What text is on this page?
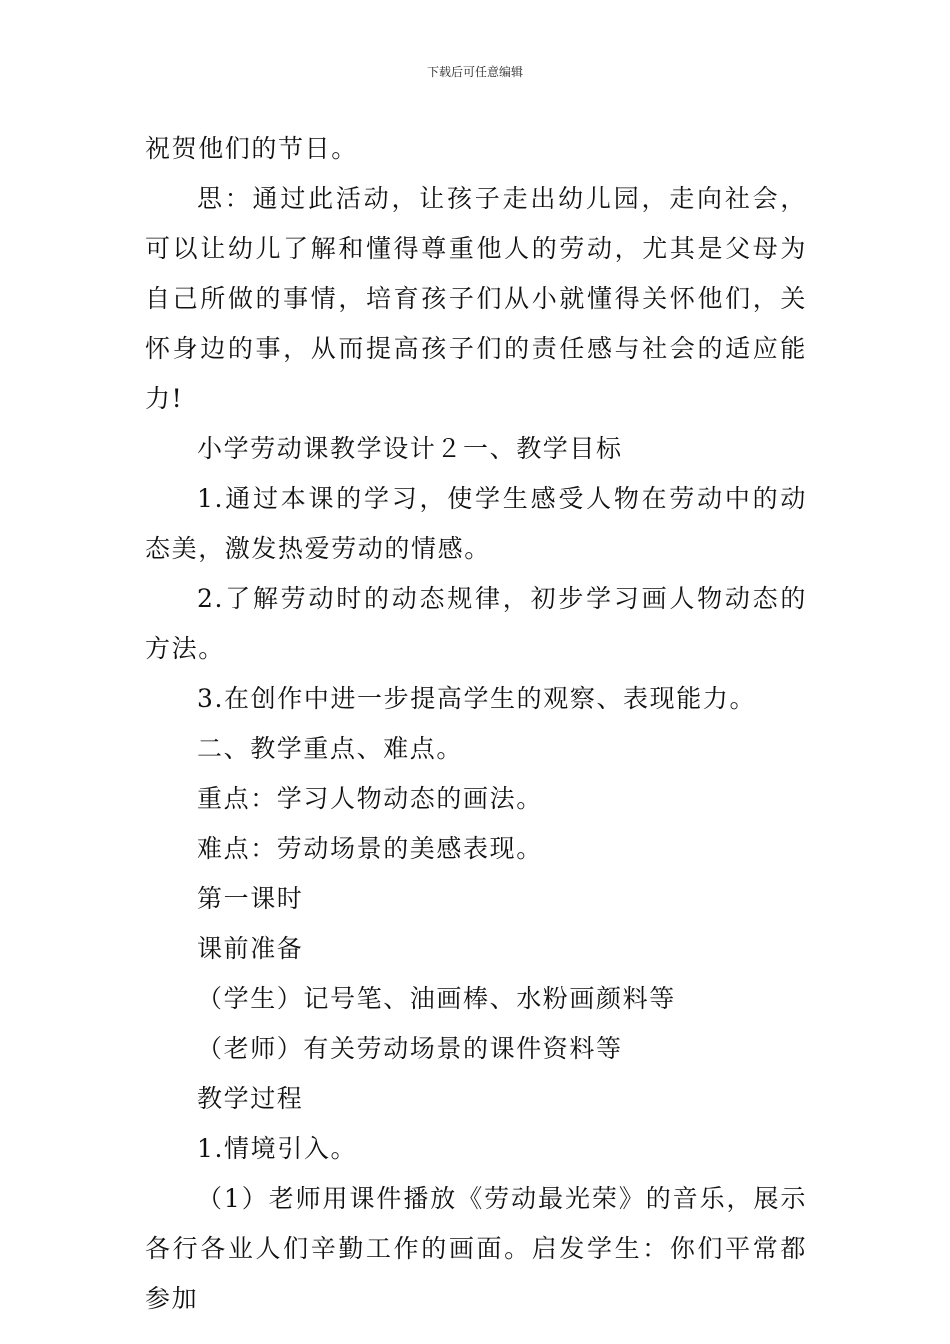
下载后可任意编辑

祝贺他们的节日。

思：通过此活动，让孩子走出幼儿园，走向社会，可以让幼儿了解和懂得尊重他人的劳动，尤其是父母为自己所做的事情，培育孩子们从小就懂得关怀他们，关怀身边的事，从而提高孩子们的责任感与社会的适应能力!

小学劳动课教学设计２一、教学目标

1.通过本课的学习，使学生感受人物在劳动中的动态美，激发热爱劳动的情感。

2.了解劳动时的动态规律，初步学习画人物动态的方法。

3.在创作中进一步提高学生的观察、表现能力。

二、教学重点、难点。

重点：学习人物动态的画法。

难点：劳动场景的美感表现。

第一课时

课前准备

（学生）记号笔、油画棒、水粉画颜料等

（老师）有关劳动场景的课件资料等

教学过程

1.情境引入。

（1）老师用课件播放《劳动最光荣》的音乐，展示各行各业人们辛勤工作的画面。启发学生：你们平常都参加
